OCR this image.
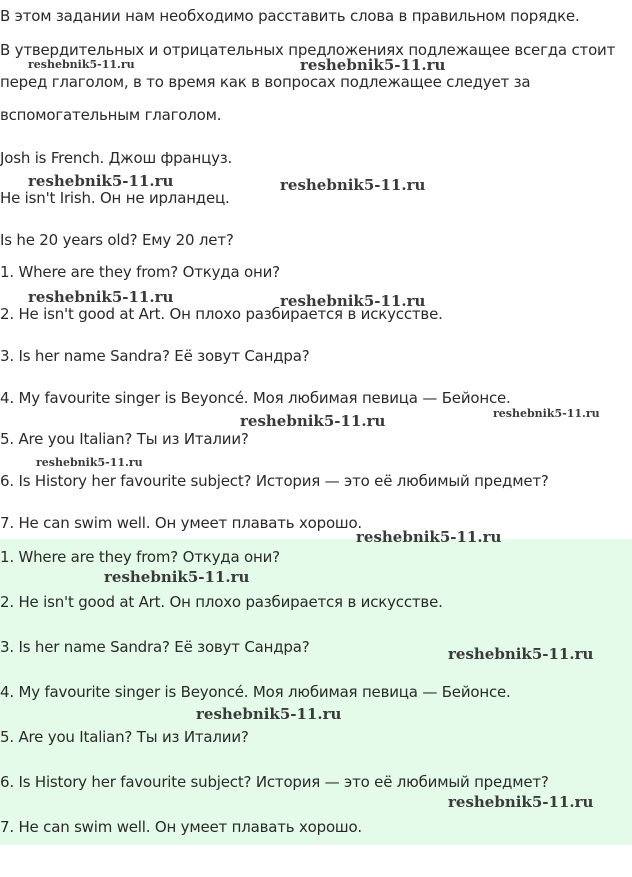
В этом задании нам необходимо расставить слова в правильном порядке.

В утвердительных и отрицательных предложениях подлежащее всегда стоит

перед глаголом, в то время как в вопросах подлежащее следует за

вспомогательным глаголом.

Josh is French. Джош француз.

He isn't Irish. Он не ирландец.

Is he 20 years old? Ему 20 лет?

1. Where are they from? Откуда они?

2. He isn't good at Art. Он плохо разбирается в искусстве.

3. Is her name Sandra? Её зовут Сандра?

4. My favourite singer is Beyoncé. Моя любимая певица — Бейонсе.

5. Are you Italian? Ты из Италии?

6. Is History her favourite subject? История — это её любимый предмет?

7. He can swim well. Он умеет плавать хорошо.

1. Where are they from? Откуда они?

2. He isn't good at Art. Он плохо разбирается в искусстве.

3. Is her name Sandra? Её зовут Сандра?

4. My favourite singer is Beyoncé. Моя любимая певица — Бейонсе.

5. Are you Italian? Ты из Италии?

6. Is History her favourite subject? История — это её любимый предмет?

7. He can swim well. Он умеет плавать хорошо.

reshebnik5-11.ru	reshebnik5-11.ru

reshebnik5-11.ru	reshebnik5-11.ru

reshebnik5-11.ru	reshebnik5-11.ru

reshebnik5-11.ru	reshebnik5-11.ru

reshebnik5-11.ru

reshebnik5-11.ru

reshebnik5-11.ru

reshebnik5-11.ru

reshebnik5-11.ru

reshebnik5-11.ru
